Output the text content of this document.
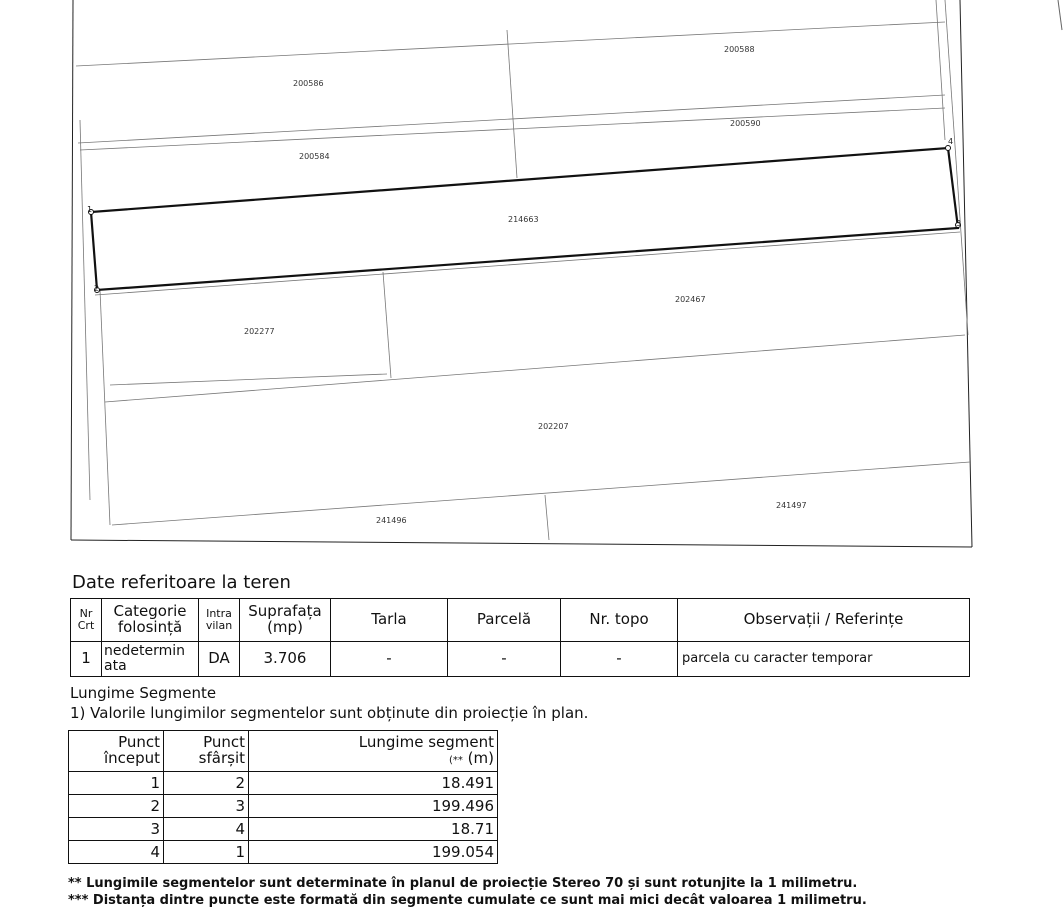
1
2
3
4
200588
200586
200590
200584
214663
202467
202277
202207
241497
241496
Date referitoare la teren
Nr Crt	Categorie folosință	Intra vilan	Suprafața (mp)	Tarla	Parcelă	Nr. topo	Observații / Referințe
1	nedetermin ata	DA	3.706	-	-	-	parcela cu caracter temporar
Lungime Segmente
1) Valorile lungimilor segmentelor sunt obținute din proiecție în plan.
Punct început	Punct sfârșit	Lungime segment
(** (m)
1	2	18.491
2	3	199.496
3	4	18.71
4	1	199.054
** Lungimile segmentelor sunt determinate în planul de proiecție Stereo 70 și sunt rotunjite la 1 milimetru.
*** Distanța dintre puncte este formată din segmente cumulate ce sunt mai mici decât valoarea 1 milimetru.
